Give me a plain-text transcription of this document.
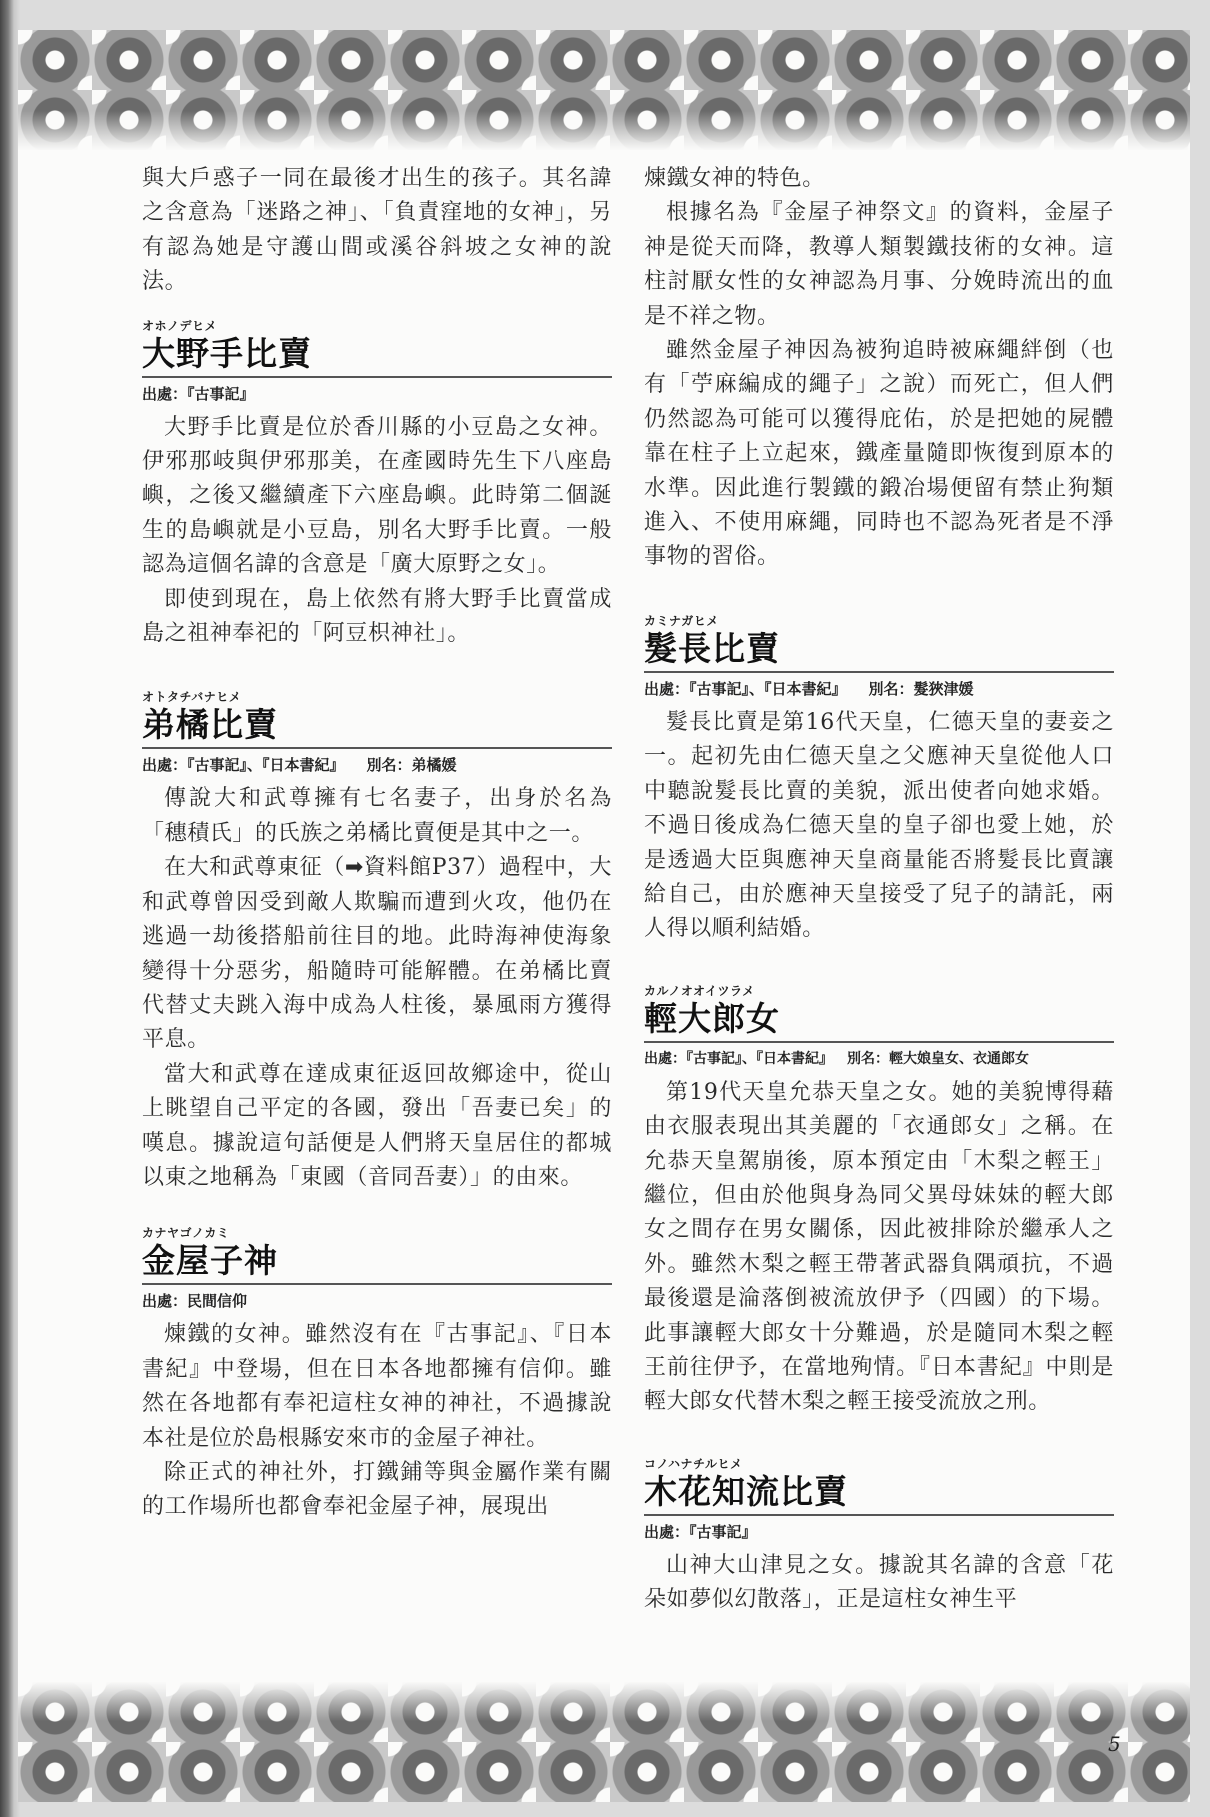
與大戶惑子一同在最後才出生的孩子。其名諱之含意為「迷路之神」、「負責窪地的女神」，另有認為她是守護山間或溪谷斜坡之女神的說法。

オホノデヒメ
大野手比賣
出處：『古事記』

大野手比賣是位於香川縣的小豆島之女神。伊邪那岐與伊邪那美，在產國時先生下八座島嶼，之後又繼續產下六座島嶼。此時第二個誕生的島嶼就是小豆島，別名大野手比賣。一般認為這個名諱的含意是「廣大原野之女」。

即使到現在，島上依然有將大野手比賣當成島之祖神奉祀的「阿豆枳神社」。

オトタチバナヒメ
弟橘比賣
出處：『古事記』、『日本書紀』 別名：弟橘媛

傳說大和武尊擁有七名妻子，出身於名為「穗積氏」的氏族之弟橘比賣便是其中之一。

在大和武尊東征（➡資料館P37）過程中，大和武尊曾因受到敵人欺騙而遭到火攻，他仍在逃過一劫後搭船前往目的地。此時海神使海象變得十分惡劣，船隨時可能解體。在弟橘比賣代替丈夫跳入海中成為人柱後，暴風雨方獲得平息。

當大和武尊在達成東征返回故鄉途中，從山上眺望自己平定的各國，發出「吾妻已矣」的嘆息。據說這句話便是人們將天皇居住的都城以東之地稱為「東國（音同吾妻）」的由來。

カナヤゴノカミ
金屋子神
出處：民間信仰

煉鐵的女神。雖然沒有在『古事記』、『日本書紀』中登場，但在日本各地都擁有信仰。雖然在各地都有奉祀這柱女神的神社，不過據說本社是位於島根縣安來市的金屋子神社。

除正式的神社外，打鐵鋪等與金屬作業有關的工作場所也都會奉祀金屋子神，展現出

煉鐵女神的特色。

根據名為『金屋子神祭文』的資料，金屋子神是從天而降，教導人類製鐵技術的女神。這柱討厭女性的女神認為月事、分娩時流出的血是不祥之物。

雖然金屋子神因為被狗追時被麻繩絆倒（也有「苧麻編成的繩子」之說）而死亡，但人們仍然認為可能可以獲得庇佑，於是把她的屍體靠在柱子上立起來，鐵產量隨即恢復到原本的水準。因此進行製鐵的鍛冶場便留有禁止狗類進入、不使用麻繩，同時也不認為死者是不淨事物的習俗。

カミナガヒメ
髮長比賣
出處：『古事記』、『日本書紀』 別名：髮狹津媛

髮長比賣是第16代天皇，仁德天皇的妻妾之一。起初先由仁德天皇之父應神天皇從他人口中聽說髮長比賣的美貌，派出使者向她求婚。不過日後成為仁德天皇的皇子卻也愛上她，於是透過大臣與應神天皇商量能否將髮長比賣讓給自己，由於應神天皇接受了兒子的請託，兩人得以順利結婚。

カルノオオイツラメ
輕大郎女
出處：『古事記』、『日本書紀』 別名：輕大娘皇女、衣通郎女

第19代天皇允恭天皇之女。她的美貌博得藉由衣服表現出其美麗的「衣通郎女」之稱。在允恭天皇駕崩後，原本預定由「木梨之輕王」繼位，但由於他與身為同父異母妹妹的輕大郎女之間存在男女關係，因此被排除於繼承人之外。雖然木梨之輕王帶著武器負隅頑抗，不過最後還是淪落倒被流放伊予（四國）的下場。此事讓輕大郎女十分難過，於是隨同木梨之輕王前往伊予，在當地殉情。『日本書紀』中則是輕大郎女代替木梨之輕王接受流放之刑。

コノハナチルヒメ
木花知流比賣
出處：『古事記』

山神大山津見之女。據說其名諱的含意「花朵如夢似幻散落」，正是這柱女神生平

5
